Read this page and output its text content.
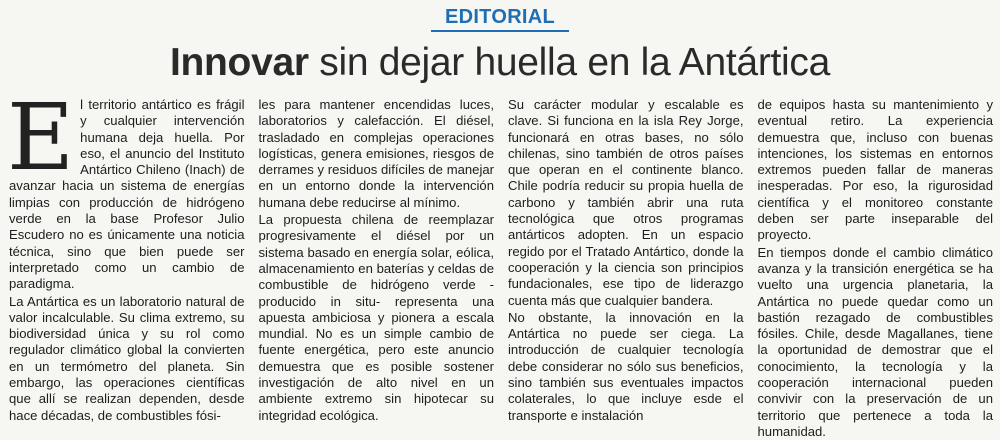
EDITORIAL
Innovar sin dejar huella en la Antártica

El territorio antártico es frágil y cualquier intervención humana deja huella. Por eso, el anuncio del Instituto Antártico Chileno (Inach) de avanzar hacia un sistema de energías limpias con producción de hidrógeno verde en la base Profesor Julio Escudero no es únicamente una noticia técnica, sino que bien puede ser interpretado como un cambio de paradigma.

La Antártica es un laboratorio natural de valor incalculable. Su clima extremo, su biodiversidad única y su rol como regulador climático global la convierten en un termómetro del planeta. Sin embargo, las operaciones científicas que allí se realizan dependen, desde hace décadas, de combustibles fósi-

les para mantener encendidas luces, laboratorios y calefacción. El diésel, trasladado en complejas operaciones logísticas, genera emisiones, riesgos de derrames y residuos difíciles de manejar en un entorno donde la intervención humana debe reducirse al mínimo.

La propuesta chilena de reemplazar progresivamente el diésel por un sistema basado en energía solar, eólica, almacenamiento en baterías y celdas de combustible de hidrógeno verde -producido in situ- representa una apuesta ambiciosa y pionera a escala mundial. No es un simple cambio de fuente energética, pero este anuncio demuestra que es posible sostener investigación de alto nivel en un ambiente extremo sin hipotecar su integridad ecológica.

Su carácter modular y escalable es clave. Si funciona en la isla Rey Jorge, funcionará en otras bases, no sólo chilenas, sino también de otros países que operan en el continente blanco. Chile podría reducir su propia huella de carbono y también abrir una ruta tecnológica que otros programas antárticos adopten. En un espacio regido por el Tratado Antártico, donde la cooperación y la ciencia son principios fundacionales, ese tipo de liderazgo cuenta más que cualquier bandera.

No obstante, la innovación en la Antártica no puede ser ciega. La introducción de cualquier tecnología debe considerar no sólo sus beneficios, sino también sus eventuales impactos colaterales, lo que incluye esde el transporte e instalación

de equipos hasta su mantenimiento y eventual retiro. La experiencia demuestra que, incluso con buenas intenciones, los sistemas en entornos extremos pueden fallar de maneras inesperadas. Por eso, la rigurosidad científica y el monitoreo constante deben ser parte inseparable del proyecto.

En tiempos donde el cambio climático avanza y la transición energética se ha vuelto una urgencia planetaria, la Antártica no puede quedar como un bastión rezagado de combustibles fósiles. Chile, desde Magallanes, tiene la oportunidad de demostrar que el conocimiento, la tecnología y la cooperación internacional pueden convivir con la preservación de un territorio que pertenece a toda la humanidad.
